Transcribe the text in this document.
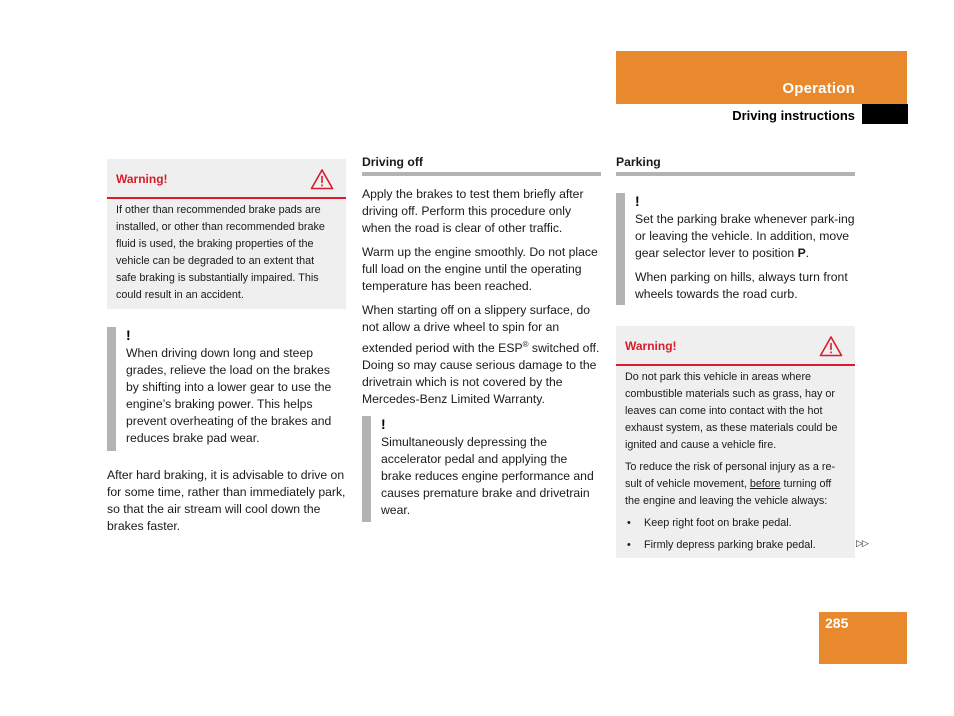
Operation
Driving instructions
Warning!

If other than recommended brake pads are installed, or other than recommended brake fluid is used, the braking properties of the vehicle can be degraded to an extent that safe braking is substantially impaired. This could result in an accident.

!

When driving down long and steep grades, relieve the load on the brakes by shifting into a lower gear to use the engine’s braking power. This helps prevent overheating of the brakes and reduces brake pad wear.

After hard braking, it is advisable to drive on for some time, rather than immediately park, so that the air stream will cool down the brakes faster.

Driving off

Apply the brakes to test them briefly after driving off. Perform this procedure only when the road is clear of other traffic.

Warm up the engine smoothly. Do not place full load on the engine until the operating temperature has been reached.

When starting off on a slippery surface, do not allow a drive wheel to spin for an extended period with the ESP® switched off. Doing so may cause serious damage to the drivetrain which is not covered by the Mercedes-Benz Limited Warranty.

!

Simultaneously depressing the accelerator pedal and applying the brake reduces engine performance and causes premature brake and drivetrain wear.

Parking
!

Set the parking brake whenever park-ing or leaving the vehicle. In addition, move gear selector lever to position P.

When parking on hills, always turn front wheels towards the road curb.

Warning!

Do not park this vehicle in areas where combustible materials such as grass, hay or leaves can come into contact with the hot exhaust system, as these materials could be ignited and cause a vehicle fire.

To reduce the risk of personal injury as a re-sult of vehicle movement, before turning off the engine and leaving the vehicle always:

• Keep right foot on brake pedal.

• Firmly depress parking brake pedal.	▷▷
285
